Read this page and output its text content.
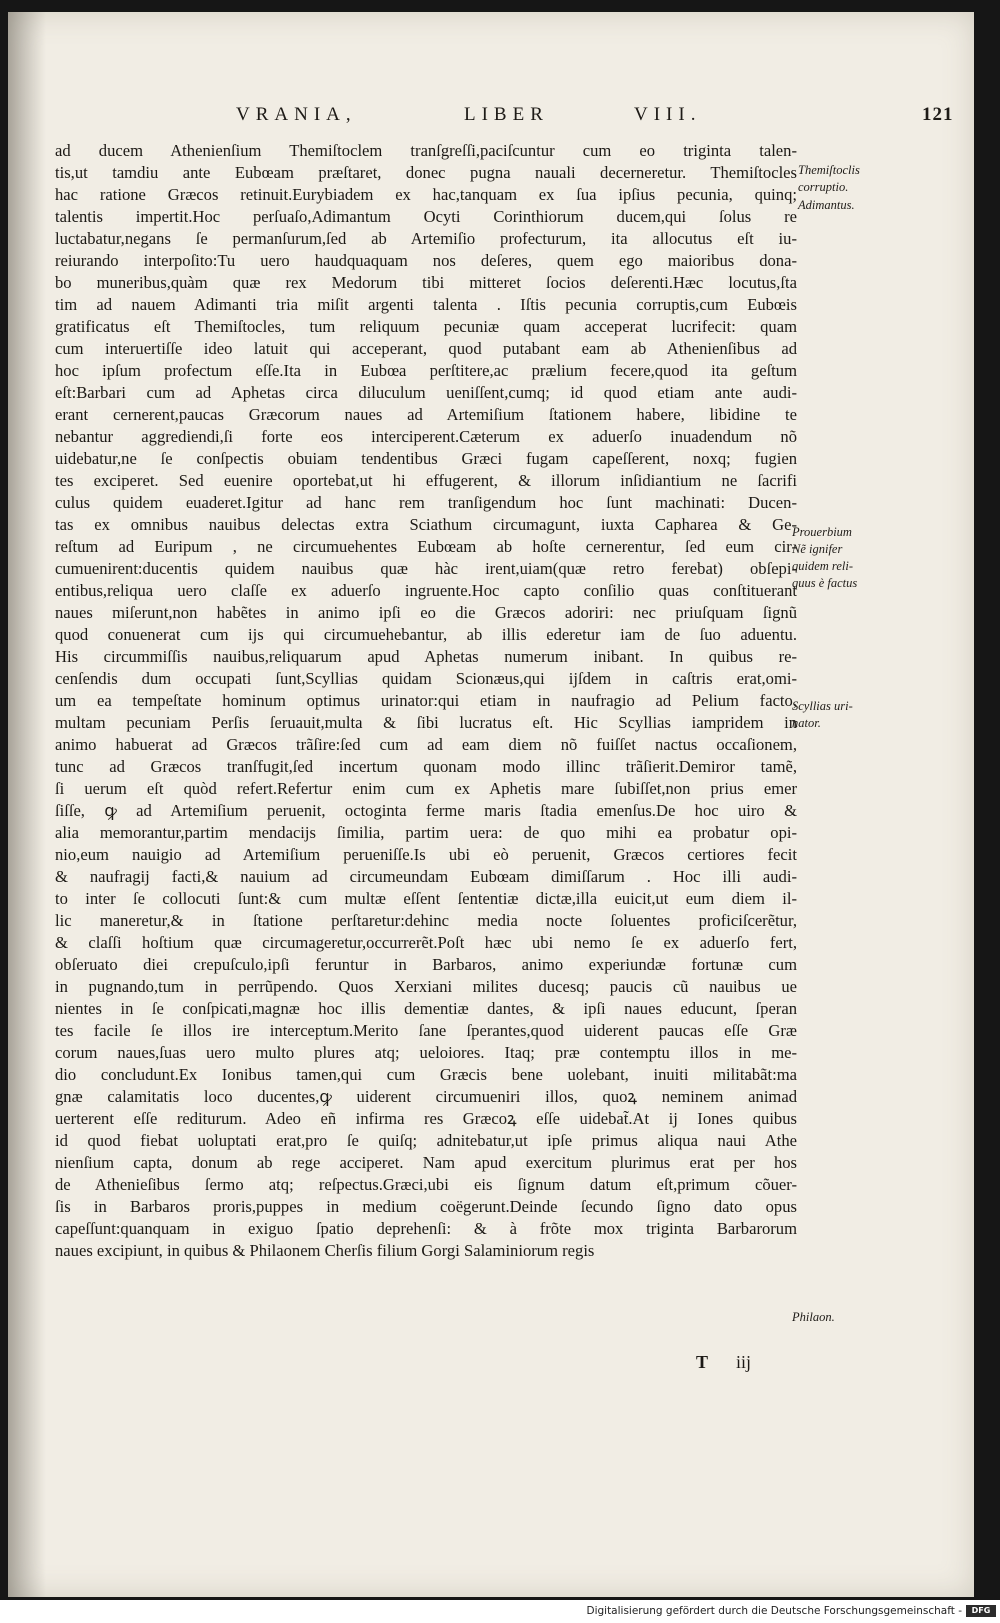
VRANIA,	LIBER	VIII.	121
ad ducem Athenienſium Themiſtoclem tranſgreſſi,paciſcuntur cum eo triginta talen-
tis,ut tamdiu ante Eubœam præſtaret, donec pugna nauali decerneretur. Themiſtocles
hac ratione Græcos retinuit.Eurybiadem ex hac,tanquam ex ſua ipſius pecunia, quinq;
talentis impertit.Hoc perſuaſo,Adimantum Ocyti Corinthiorum ducem,qui ſolus re
luctabatur,negans ſe permanſurum,ſed ab Artemiſio profecturum, ita allocutus eſt iu-
reiurando interpoſito:Tu uero haudquaquam nos deſeres, quem ego maioribus dona-
bo muneribus,quàm quæ rex Medorum tibi mitteret ſocios deſerenti.Hæc locutus,ſta
tim ad nauem Adimanti tria miſit argenti talenta . Iſtis pecunia corruptis,cum Eubœis
gratificatus eſt Themiſtocles, tum reliquum pecuniæ quam acceperat lucrifecit: quam
cum interuertiſſe ideo latuit qui acceperant, quod putabant eam ab Athenienſibus ad
hoc ipſum profectum eſſe.Ita in Eubœa perſtitere,ac prælium fecere,quod ita geſtum
eſt:Barbari cum ad Aphetas circa diluculum ueniſſent,cumq; id quod etiam ante audi-
erant cernerent,paucas Græcorum naues ad Artemiſium ſtationem habere, libidine te
nebantur aggrediendi,ſi forte eos interciperent.Cæterum ex aduerſo inuadendum nõ
uidebatur,ne ſe conſpectis obuiam tendentibus Græci fugam capeſſerent, noxq; fugien
tes exciperet. Sed euenire oportebat,ut hi effugerent, & illorum inſidiantium ne ſacrifi
culus quidem euaderet.Igitur ad hanc rem tranſigendum hoc ſunt machinati: Ducen-
tas ex omnibus nauibus delectas extra Sciathum circumagunt, iuxta Capharea & Ge-
reſtum ad Euripum , ne circumuehentes Eubœam ab hoſte cernerentur, ſed eum cir-
cumuenirent:ducentis quidem nauibus quæ hàc irent,uiam(quæ retro ferebat) obſepi-
entibus,reliqua uero claſſe ex aduerſo ingruente.Hoc capto conſilio quas conſtituerant
naues miſerunt,non habẽtes in animo ipſi eo die Græcos adoriri: nec priuſquam ſignũ
quod conuenerat cum ijs qui circumuehebantur, ab illis ederetur iam de ſuo aduentu.
His circummiſſis nauibus,reliquarum apud Aphetas numerum inibant. In quibus re-
cenſendis dum occupati ſunt,Scyllias quidam Scionæus,qui ijſdem in caſtris erat,omi-
um ea tempeſtate hominum optimus urinator:qui etiam in naufragio ad Pelium facto,
multam pecuniam Perſis ſeruauit,multa & ſibi lucratus eſt. Hic Scyllias iampridem in
animo habuerat ad Græcos trãſire:ſed cum ad eam diem nõ fuiſſet nactus occaſionem,
tunc ad Græcos tranſfugit,ſed incertum quonam modo illinc trãſierit.Demiror tamẽ,
ſi uerum eſt quòd refert.Refertur enim cum ex Aphetis mare ſubiſſet,non prius emer
ſiſſe, ꝙ ad Artemiſium peruenit, octoginta ferme maris ſtadia emenſus.De hoc uiro &
alia memorantur,partim mendacijs ſimilia, partim uera: de quo mihi ea probatur opi-
nio,eum nauigio ad Artemiſium perueniſſe.Is ubi eò peruenit, Græcos certiores fecit
& naufragij facti,& nauium ad circumeundam Eubœam dimiſſarum . Hoc illi audi-
to inter ſe collocuti ſunt:& cum multæ eſſent ſententiæ dictæ,illa euicit,ut eum diem il-
lic maneretur,& in ſtatione perſtaretur:dehinc media nocte ſoluentes proficiſcerẽtur,
& claſſi hoſtium quæ circumageretur,occurrerẽt.Poſt hæc ubi nemo ſe ex aduerſo fert,
obſeruato diei crepuſculo,ipſi feruntur in Barbaros, animo experiundæ fortunæ cum
in pugnando,tum in perrũpendo. Quos Xerxiani milites ducesq; paucis cũ nauibus ue
nientes in ſe conſpicati,magnæ hoc illis dementiæ dantes, & ipſi naues educunt, ſperan
tes facile ſe illos ire interceptum.Merito ſane ſperantes,quod uiderent paucas eſſe Græ
corum naues,ſuas uero multo plures atq; ueloiores. Itaq; præ contemptu illos in me-
dio concludunt.Ex Ionibus tamen,qui cum Græcis bene uolebant, inuiti militabãt:ma
gnæ calamitatis loco ducentes,ꝙ uiderent circumueniri illos, quoꝝ neminem animad
uerterent eſſe rediturum. Adeo eñ infirma res Græcoꝝ eſſe uidebat̃.At ij Iones quibus
id quod fiebat uoluptati erat,pro ſe quiſq; adnitebatur,ut ipſe primus aliqua naui Athe
nienſium capta, donum ab rege acciperet. Nam apud exercitum plurimus erat per hos
de Athenieſibus ſermo atq; reſpectus.Græci,ubi eis ſignum datum eſt,primum cõuer-
ſis in Barbaros proris,puppes in medium coëgerunt.Deinde ſecundo ſigno dato opus
capeſſunt:quanquam in exiguo ſpatio deprehenſi: & à frõte mox triginta Barbarorum
naues excipiunt, in quibus & Philaonem Cherſis filium Gorgi Salaminiorum regis
Themiſtoclis
corruptio.
Adimantus.
Prouerbium
Nẽ ignifer
quidem reli-
quus è factus
Scyllias uri-
nator.
Philaon.
T iij
Digitalisierung gefördert durch die Deutsche Forschungsgemeinschaft -	DFG
